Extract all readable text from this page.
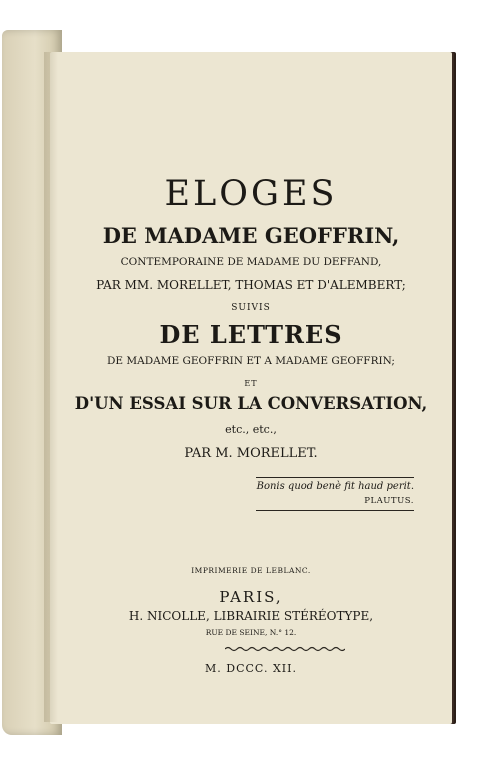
ELOGES
DE MADAME GEOFFRIN,
CONTEMPORAINE DE MADAME DU DEFFAND,
PAR MM. MORELLET, THOMAS ET D'ALEMBERT;
SUIVIS
DE LETTRES
DE MADAME GEOFFRIN ET A MADAME GEOFFRIN;
ET
D'UN ESSAI SUR LA CONVERSATION,
etc., etc.,
PAR M. MORELLET.
Bonis quod benè fit haud perit.
PLAUTUS.
IMPRIMERIE DE LEBLANC.
PARIS,
H. NICOLLE, LIBRAIRIE STÉRÉOTYPE,
RUE DE SEINE, N.° 12.
M. DCCC. XII.
